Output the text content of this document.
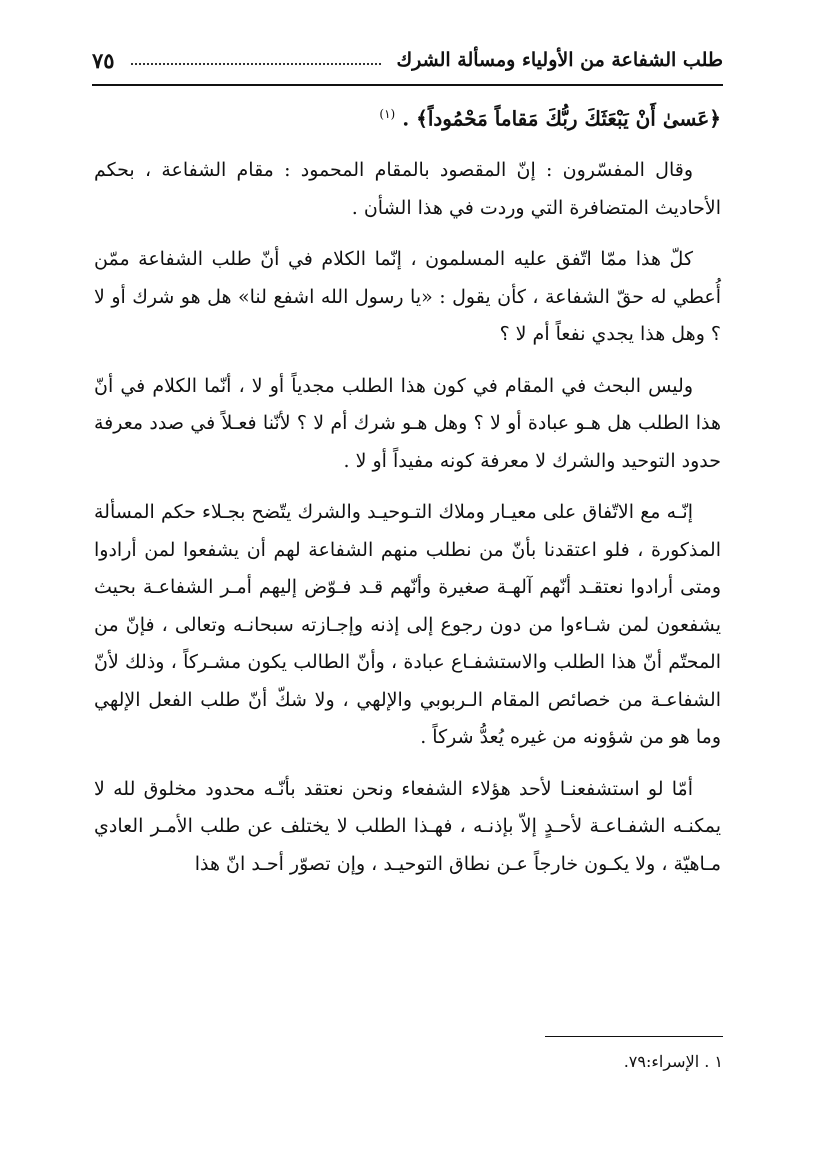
طلب الشفاعة من الأولياء ومسألة الشرك
٧٥

﴿عَسىٰ أَنْ يَبْعَثَكَ ربُّكَ مَقاماً مَحْمُوداً﴾ . $^{(١)}$

وقال المفسّرون : إنّ المقصود بالمقام المحمود : مقام الشفاعة ، بحكم الأحاديث المتضافرة التي وردت في هذا الشأن .

كلّ هذا ممّا اتّفق عليه المسلمون ، إنّما الكلام في أنّ طلب الشفاعة ممّن أُعطي له حقّ الشفاعة ، كأن يقول : «يا رسول الله اشفع لنا» هل هو شرك أو لا ؟ وهل هذا يجدي نفعاً أم لا ؟

وليس البحث في المقام في كون هذا الطلب مجدياً أو لا ، أنّما الكلام في أنّ هذا الطلب هل هـو عبادة أو لا ؟ وهل هـو شرك أم لا ؟ لأنّنا فعـلاً في صدد معرفة حدود التوحيد والشرك لا معرفة كونه مفيداً أو لا .

إنّـه مع الاتّفاق على معيـار وملاك التـوحيـد والشرك يتّضح بجـلاء حكم المسألة المذكورة ، فلو اعتقدنا بأنّ من نطلب منهم الشفاعة لهم أن يشفعوا لمن أرادوا ومتى أرادوا نعتقـد أنّهم آلهـة صغيرة وأنّهم قـد فـوّض إليهم أمـر الشفاعـة بحيث يشفعون لمن شـاءوا من دون رجوع إلى إذنه وإجـازته سبحانـه وتعالى ، فإنّ من المحتّم أنّ هذا الطلب والاستشفـاع عبادة ، وأنّ الطالب يكون مشـركاً ، وذلك لأنّ الشفاعـة من خصائص المقام الـربوبي والإلهي ، ولا شكّ أنّ طلب الفعل الإلهي وما هو من شؤونه من غيره يُعدُّ شركاً .

أمّا لو استشفعنـا لأحد هؤلاء الشفعاء ونحن نعتقد بأنّـه محدود مخلوق لله لا يمكنـه الشفـاعـة لأحـدٍ إلاّ بإذنـه ، فهـذا الطلب لا يختلف عن طلب الأمـر العادي مـاهيّة ، ولا يكـون خارجاً عـن نطاق التوحيـد ، وإن تصوّر أحـد انّ هذا

١ . الإسراء:٧٩.
